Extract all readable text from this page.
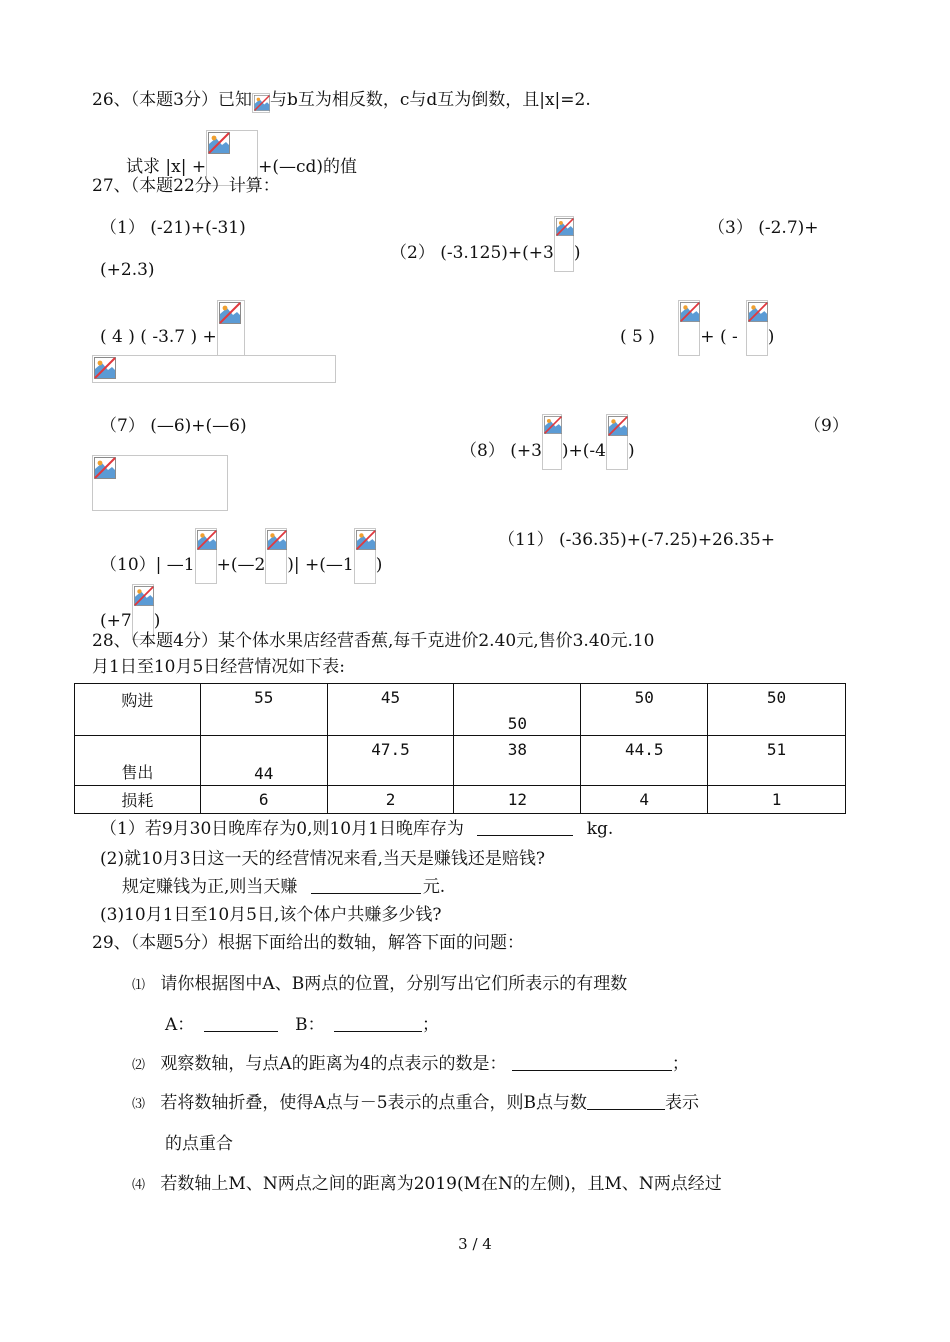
26、（本题3分）已知 与b互为相反数，c与d互为倒数，且|x|=2.
试求 |x| +	+(—cd)的值
27、（本题22分）计算：
（1） (-21)+(-31)
（2） (-3.125)+(+3 )
（3） (-2.7)+
(+2.3)
( 4 ) ( -3.7 ) +	( 5 )	+ ( - )
（7） (—6)+(—6)
（8） (+3 )+(-4 )
（9）
（10）| —1 +(—2 )| +(—1 )
（11） (-36.35)+(-7.25)+26.35+
(+7 )
28、（本题4分）某个体水果店经营香蕉,每千克进价2.40元,售价3.40元.10
月1日至10月5日经营情况如下表:
购进	55	45	50	50	50
售出	44	47.5	38	44.5	51
损耗	6	2	12	4	1
（1）若9月30日晚库存为0,则10月1日晚库存为	kg.
(2)就10月3日这一天的经营情况来看,当天是赚钱还是赔钱?
规定赚钱为正,则当天赚	元.
(3)10月1日至10月5日,该个体户共赚多少钱?
29、（本题5分）根据下面给出的数轴，解答下面的问题：
⑴ 请你根据图中A、B两点的位置，分别写出它们所表示的有理数
A：	B：	；
⑵ 观察数轴，与点A的距离为4的点表示的数是：	；
⑶ 若将数轴折叠，使得A点与－5表示的点重合，则B点与数	表示
的点重合
⑷ 若数轴上M、N两点之间的距离为2019(M在N的左侧)，且M、N两点经过
3 / 4
